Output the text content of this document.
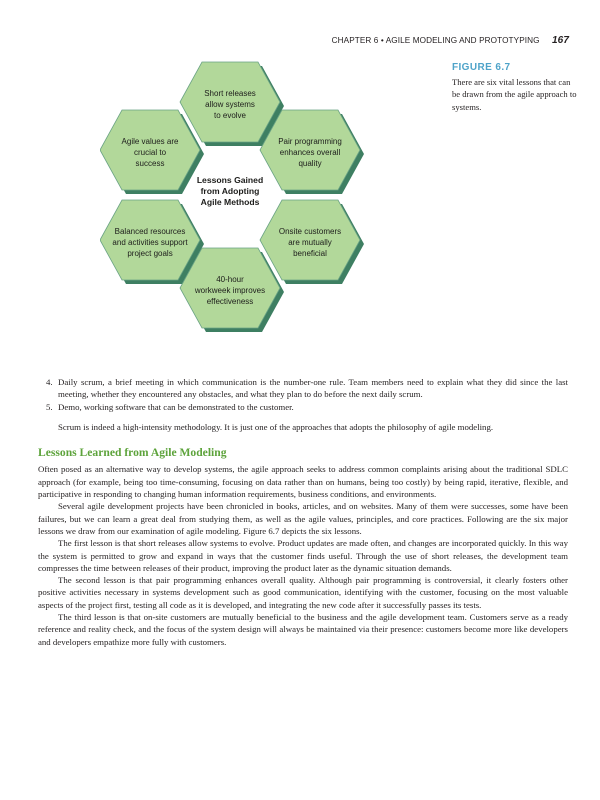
CHAPTER 6 • AGILE MODELING AND PROTOTYPING 167
Short releases
allow systems
to evolve
Agile values are
crucial to
success
Pair programming
enhances overall
quality
Balanced resources
and activities support
project goals
Onsite customers
are mutually
beneficial
40-hour
workweek improves
effectiveness
Lessons Gained
from Adopting
Agile Methods
FIGURE 6.7
There are six vital lessons that can be drawn from the agile approach to systems.

4. Daily scrum, a brief meeting in which communication is the number-one rule. Team members need to explain what they did since the last meeting, whether they encountered any obstacles, and what they plan to do before the next daily scrum.

5. Demo, working software that can be demonstrated to the customer.

Scrum is indeed a high-intensity methodology. It is just one of the approaches that adopts the philosophy of agile modeling.

Lessons Learned from Agile Modeling

Often posed as an alternative way to develop systems, the agile approach seeks to address common complaints arising about the traditional SDLC approach (for example, being too time-consuming, focusing on data rather than on humans, being too costly) by being rapid, iterative, flexible, and participative in responding to changing human information requirements, business conditions, and environments.

Several agile development projects have been chronicled in books, articles, and on websites. Many of them were successes, some have been failures, but we can learn a great deal from studying them, as well as the agile values, principles, and core practices. Following are the six major lessons we draw from our examination of agile modeling. Figure 6.7 depicts the six lessons.

The first lesson is that short releases allow systems to evolve. Product updates are made often, and changes are incorporated quickly. In this way the system is permitted to grow and expand in ways that the customer finds useful. Through the use of short releases, the development team compresses the time between releases of their product, improving the product later as the dynamic situation demands.

The second lesson is that pair programming enhances overall quality. Although pair programming is controversial, it clearly fosters other positive activities necessary in systems development such as good communication, identifying with the customer, focusing on the most valuable aspects of the project first, testing all code as it is developed, and integrating the new code after it successfully passes its tests.

The third lesson is that on-site customers are mutually beneficial to the business and the agile development team. Customers serve as a ready reference and reality check, and the focus of the system design will always be maintained via their presence: customers become more like developers and developers empathize more fully with customers.
